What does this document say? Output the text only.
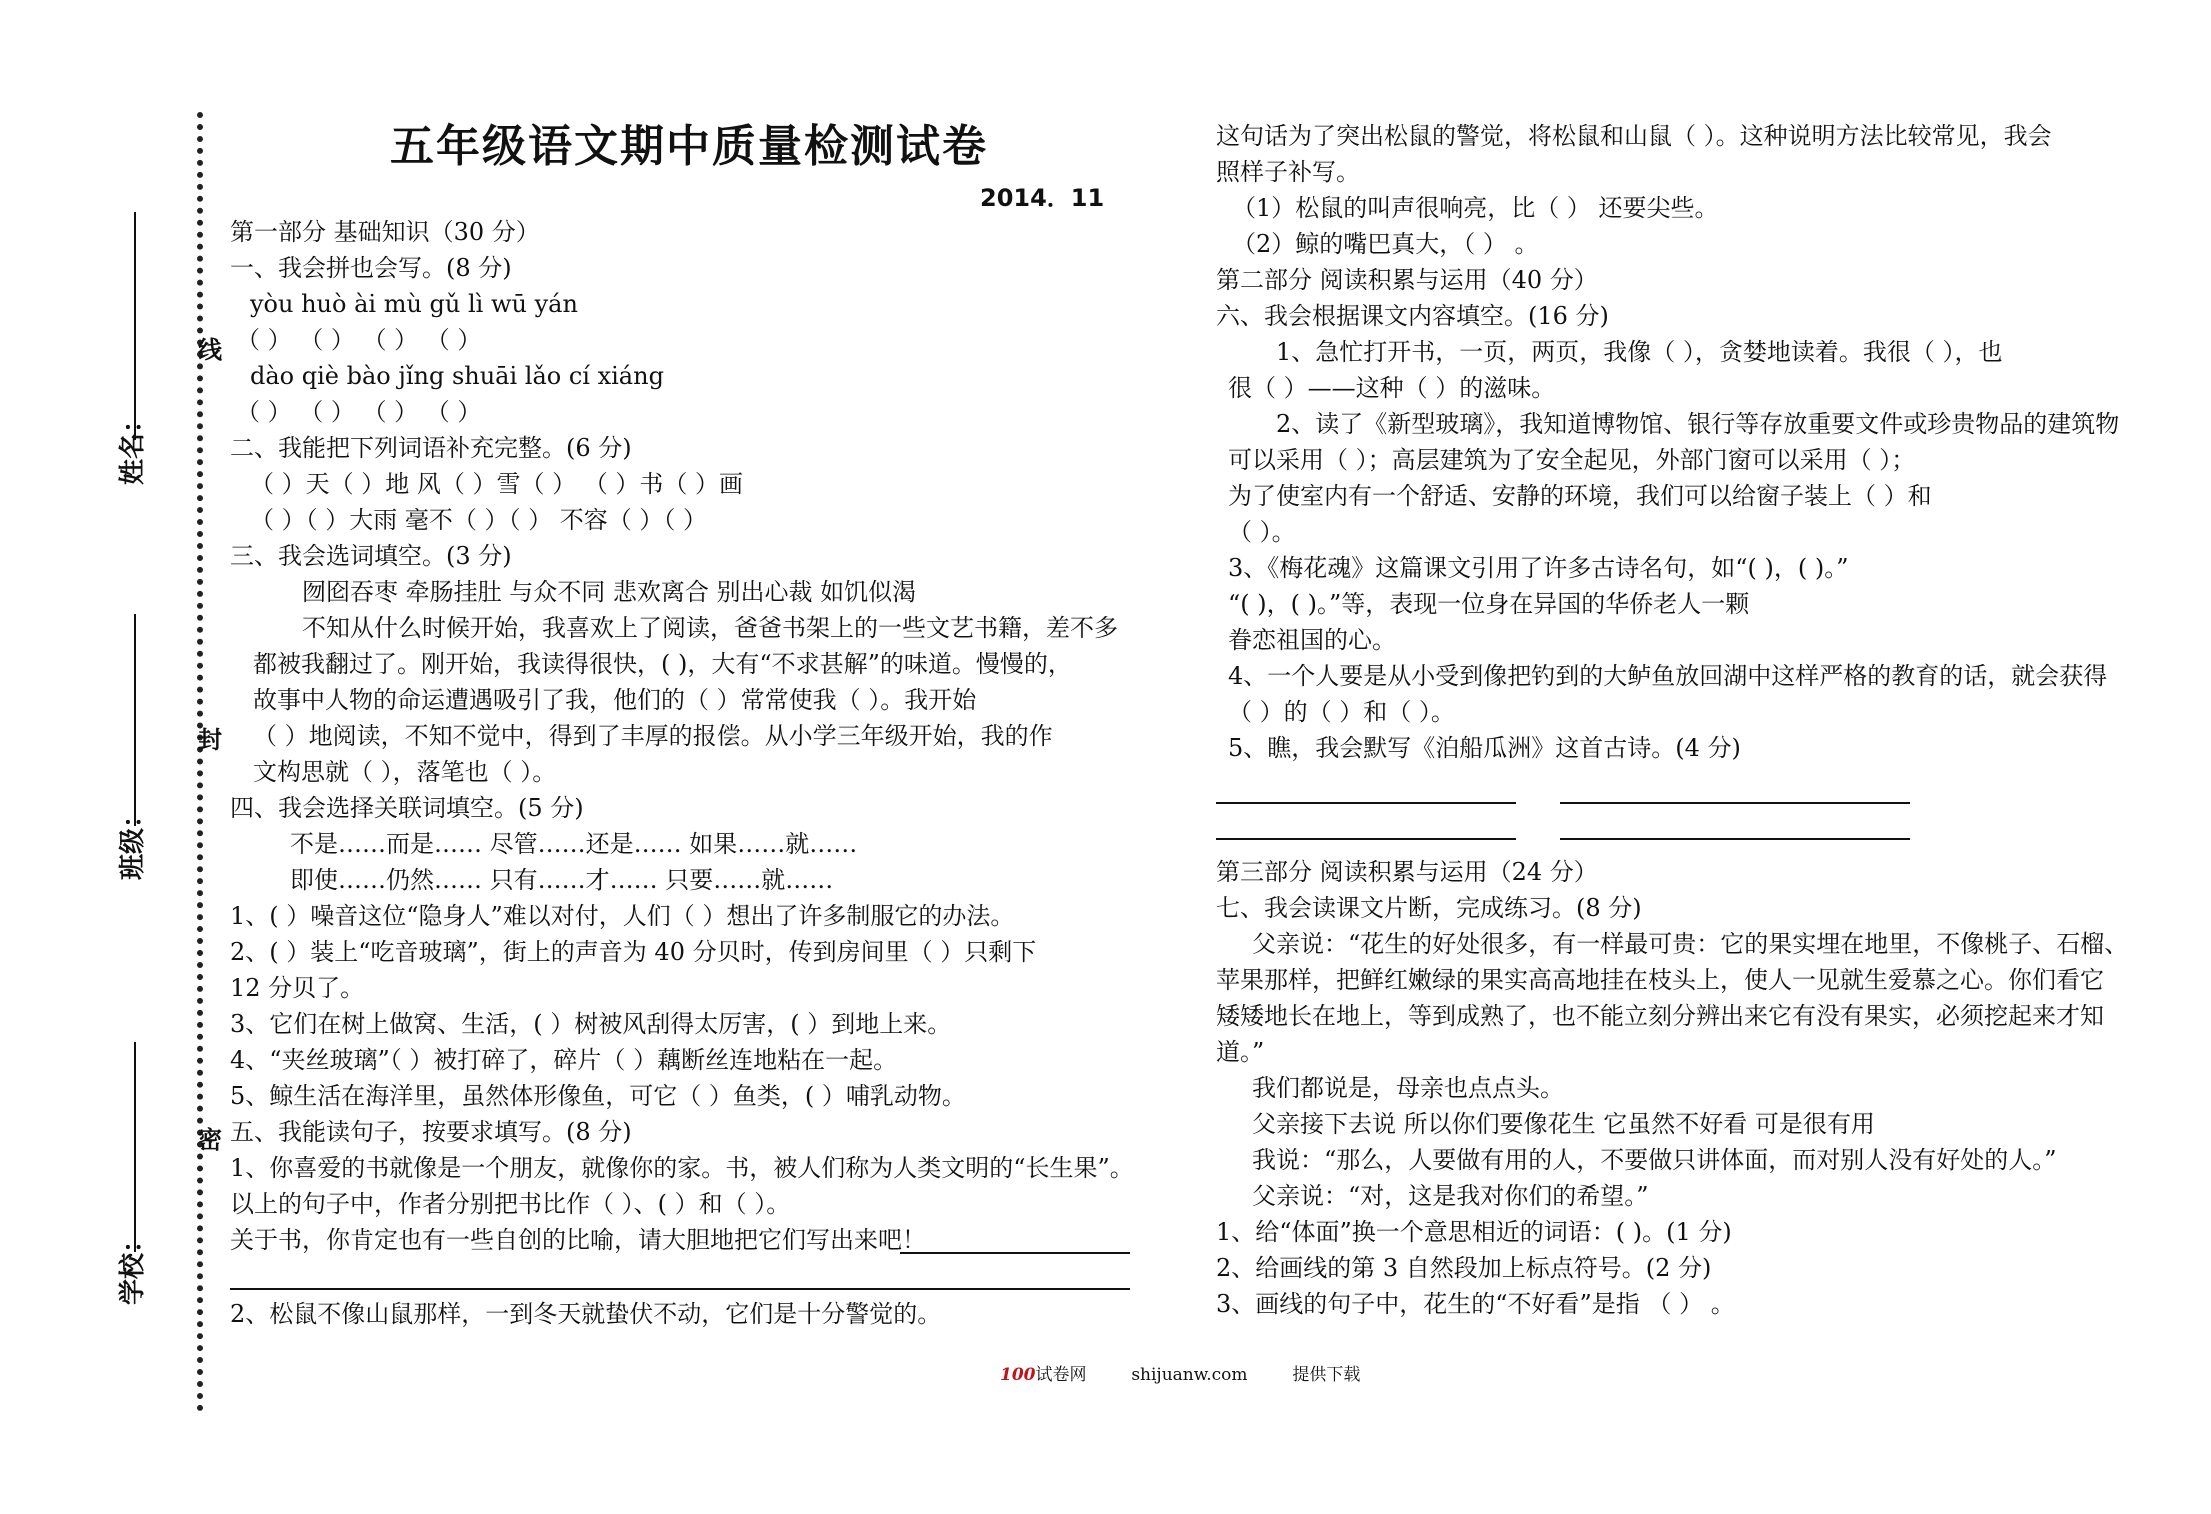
线
封
密
姓名：
班级：
学校：
五年级语文期中质量检测试卷
2014．11
第一部分 基础知识（30 分）
一、我会拼也会写。(8 分)
yòu huò ài mù gǔ lì wū yán
（ ） （ ） （ ） （ ）
dào qiè bào jǐng shuāi lǎo cí xiáng
（ ） （ ） （ ） （ ）
二、我能把下列词语补充完整。(6 分)
（ ）天（ ）地 风（ ）雪（ ） （ ）书（ ）画
（ ）（ ）大雨 毫不（ ）（ ） 不容（ ）（ ）
三、我会选词填空。(3 分)
囫囵吞枣 牵肠挂肚 与众不同 悲欢离合 别出心裁 如饥似渴
不知从什么时候开始，我喜欢上了阅读，爸爸书架上的一些文艺书籍，差不多
都被我翻过了。刚开始，我读得很快，( )，大有“不求甚解”的味道。慢慢的，
故事中人物的命运遭遇吸引了我，他们的（ ）常常使我（ ）。我开始
（ ）地阅读，不知不觉中，得到了丰厚的报偿。从小学三年级开始，我的作
文构思就（ ），落笔也（ ）。
四、我会选择关联词填空。(5 分)
不是……而是…… 尽管……还是…… 如果……就……
即使……仍然…… 只有……才…… 只要……就……
1、( ）噪音这位“隐身人”难以对付，人们（ ）想出了许多制服它的办法。
2、( ）装上“吃音玻璃”，街上的声音为 40 分贝时，传到房间里（ ）只剩下
12 分贝了。
3、它们在树上做窝、生活，( ）树被风刮得太厉害，( ）到地上来。
4、“夹丝玻璃”（ ）被打碎了，碎片（ ）藕断丝连地粘在一起。
5、鲸生活在海洋里，虽然体形像鱼，可它（ ）鱼类，( ）哺乳动物。
五、我能读句子，按要求填写。(8 分)
1、你喜爱的书就像是一个朋友，就像你的家。书，被人们称为人类文明的“长生果”。
以上的句子中，作者分别把书比作（ ）、( ）和（ ）。
关于书，你肯定也有一些自创的比喻，请大胆地把它们写出来吧！
2、松鼠不像山鼠那样，一到冬天就蛰伏不动，它们是十分警觉的。
这句话为了突出松鼠的警觉，将松鼠和山鼠（ ）。这种说明方法比较常见，我会
照样子补写。
（1）松鼠的叫声很响亮，比（ ） 还要尖些。
（2）鲸的嘴巴真大，（ ） 。
第二部分 阅读积累与运用（40 分）
六、我会根据课文内容填空。(16 分)
1、急忙打开书，一页，两页，我像（ ），贪婪地读着。我很（ ），也
很（ ）——这种（ ）的滋味。
2、读了《新型玻璃》，我知道博物馆、银行等存放重要文件或珍贵物品的建筑物
可以采用（ ）；高层建筑为了安全起见，外部门窗可以采用（ ）；
为了使室内有一个舒适、安静的环境，我们可以给窗子装上（ ）和
（ ）。
3、《梅花魂》这篇课文引用了许多古诗名句，如“( )，( )。”
“( )，( )。”等，表现一位身在异国的华侨老人一颗
眷恋祖国的心。
4、一个人要是从小受到像把钓到的大鲈鱼放回湖中这样严格的教育的话，就会获得
（ ）的（ ）和（ ）。
5、瞧，我会默写《泊船瓜洲》这首古诗。(4 分)
第三部分 阅读积累与运用（24 分）
七、我会读课文片断，完成练习。(8 分)
父亲说：“花生的好处很多，有一样最可贵：它的果实埋在地里，不像桃子、石榴、
苹果那样，把鲜红嫩绿的果实高高地挂在枝头上，使人一见就生爱慕之心。你们看它
矮矮地长在地上，等到成熟了，也不能立刻分辨出来它有没有果实，必须挖起来才知
道。”
我们都说是，母亲也点点头。
父亲接下去说 所以你们要像花生 它虽然不好看 可是很有用
我说：“那么，人要做有用的人，不要做只讲体面，而对别人没有好处的人。”
父亲说：“对，这是我对你们的希望。”
1、给“体面”换一个意思相近的词语：( )。(1 分)
2、给画线的第 3 自然段加上标点符号。(2 分)
3、画线的句子中，花生的“不好看”是指 （ ） 。
100试卷网	shijuanw.com	提供下载
